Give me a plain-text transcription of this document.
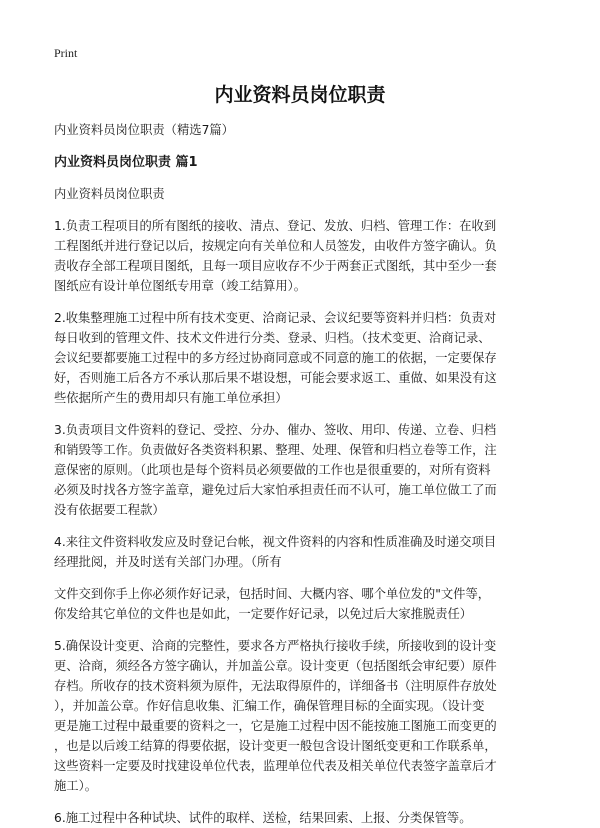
Print
内业资料员岗位职责
内业资料员岗位职责（精选7篇）
内业资料员岗位职责 篇1
内业资料员岗位职责
1.负责工程项目的所有图纸的接收、清点、登记、发放、归档、管理工作：在收到
工程图纸并进行登记以后，按规定向有关单位和人员签发，由收件方签字确认。负
责收存全部工程项目图纸，且每一项目应收存不少于两套正式图纸，其中至少一套
图纸应有设计单位图纸专用章（竣工结算用）。
2.收集整理施工过程中所有技术变更、洽商记录、会议纪要等资料并归档：负责对
每日收到的管理文件、技术文件进行分类、登录、归档。（技术变更、洽商记录、
会议纪要都要施工过程中的多方经过协商同意或不同意的施工的依据，一定要保存
好，否则施工后各方不承认那后果不堪设想，可能会要求返工、重做、如果没有这
些依据所产生的费用却只有施工单位承担）
3.负责项目文件资料的登记、受控、分办、催办、签收、用印、传递、立卷、归档
和销毁等工作。负责做好各类资料积累、整理、处理、保管和归档立卷等工作，注
意保密的原则。（此项也是每个资料员必须要做的工作也是很重要的，对所有资料
必须及时找各方签字盖章，避免过后大家怕承担责任而不认可，施工单位做工了而
没有依据要工程款）
4.来往文件资料收发应及时登记台帐，视文件资料的内容和性质准确及时递交项目
经理批阅，并及时送有关部门办理。（所有
文件交到你手上你必须作好记录，包括时间、大概内容、哪个单位发的"文件等，
你发给其它单位的文件也是如此，一定要作好记录，以免过后大家推脱责任）
5.确保设计变更、洽商的完整性，要求各方严格执行接收手续，所接收到的设计变
更、洽商，须经各方签字确认，并加盖公章。设计变更（包括图纸会审纪要）原件
存档。所收存的技术资料须为原件，无法取得原件的，详细备书（注明原件存放处
），并加盖公章。作好信息收集、汇编工作，确保管理目标的全面实现。（设计变
更是施工过程中最重要的资料之一，它是施工过程中因不能按施工图施工而变更的
，也是以后竣工结算的得要依据，设计变更一般包含设计图纸变更和工作联系单，
这些资料一定要及时找建设单位代表，监理单位代表及相关单位代表签字盖章后才
施工）。
6.施工过程中各种试块、试件的取样、送检，结果回索、上报、分类保管等。
